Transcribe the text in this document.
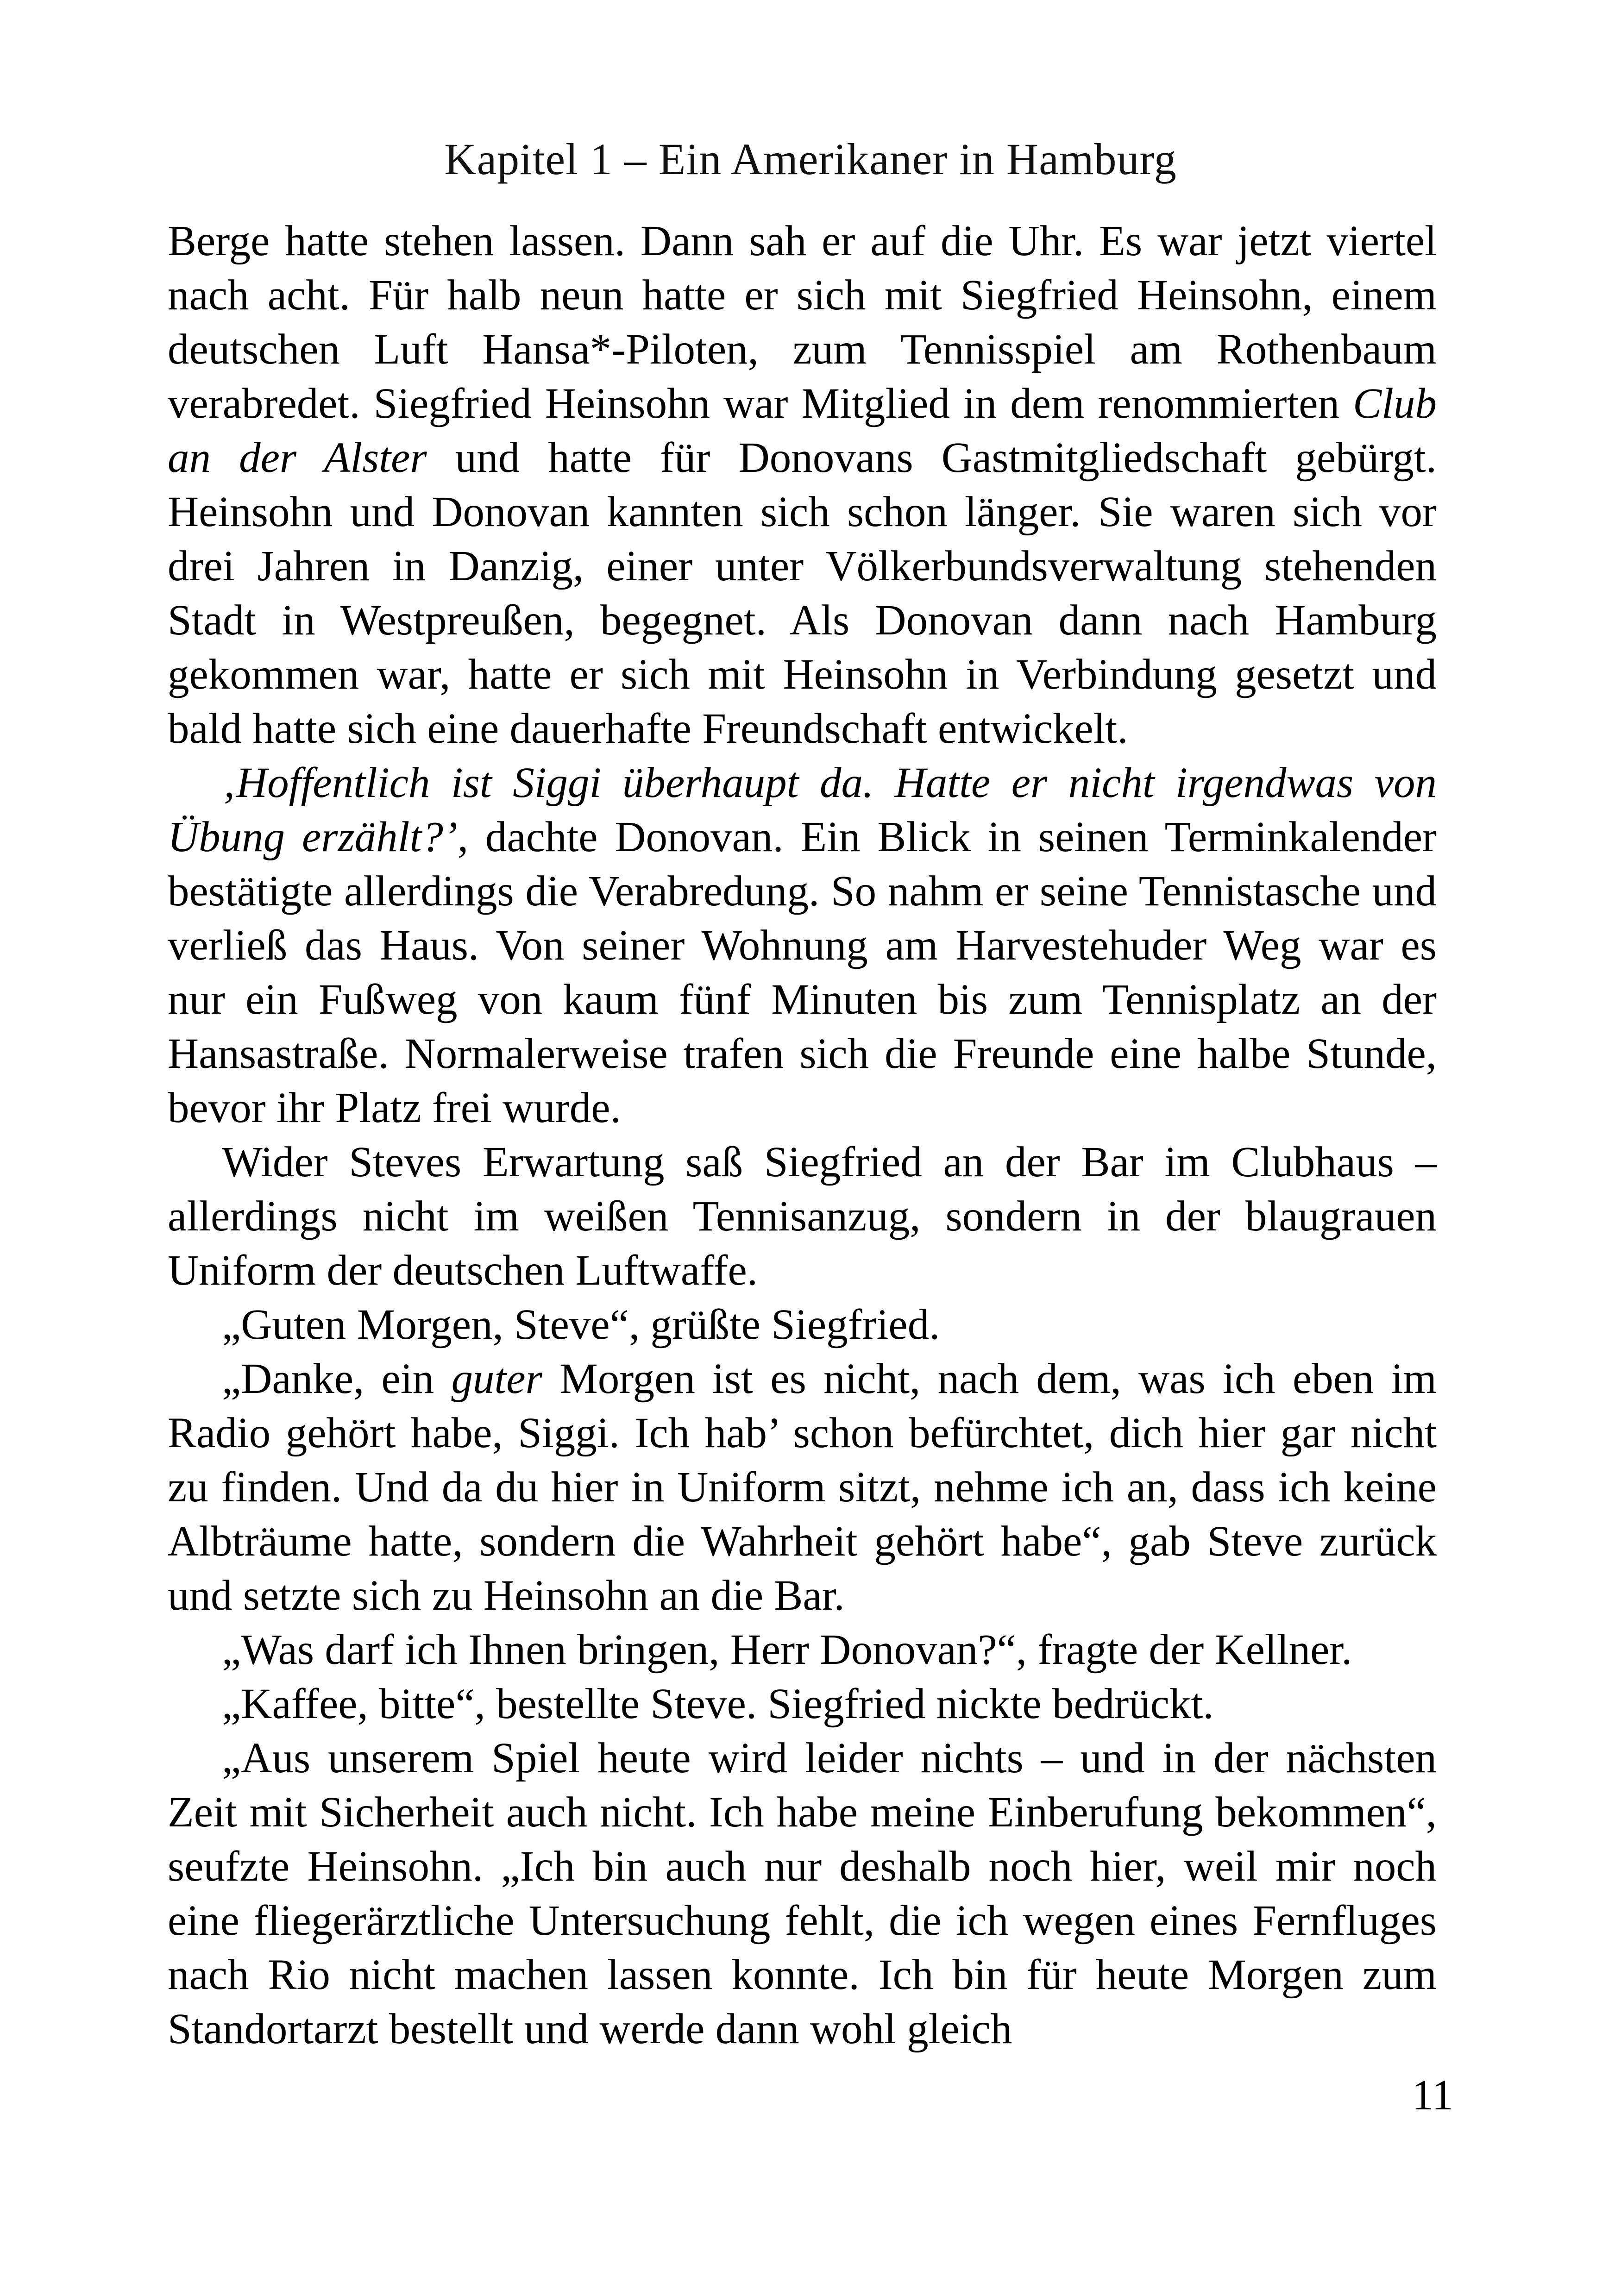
Kapitel 1 – Ein Amerikaner in Hamburg

Berge hatte stehen lassen. Dann sah er auf die Uhr. Es war jetzt viertel nach acht. Für halb neun hatte er sich mit Siegfried Heinsohn, einem deutschen Luft Hansa*-Piloten, zum Tennisspiel am Rothenbaum verabredet. Siegfried Heinsohn war Mitglied in dem renommierten Club an der Alster und hatte für Donovans Gastmitgliedschaft gebürgt. Heinsohn und Donovan kannten sich schon länger. Sie waren sich vor drei Jahren in Danzig, einer unter Völkerbundsverwaltung stehenden Stadt in Westpreußen, begegnet. Als Donovan dann nach Hamburg gekommen war, hatte er sich mit Heinsohn in Verbindung gesetzt und bald hatte sich eine dauerhafte Freundschaft entwickelt.

‚Hoffentlich ist Siggi überhaupt da. Hatte er nicht irgendwas von Übung erzählt?’, dachte Donovan. Ein Blick in seinen Terminkalender bestätigte allerdings die Verabredung. So nahm er seine Tennistasche und verließ das Haus. Von seiner Wohnung am Harvestehuder Weg war es nur ein Fußweg von kaum fünf Minuten bis zum Tennisplatz an der Hansastraße. Normalerweise trafen sich die Freunde eine halbe Stunde, bevor ihr Platz frei wurde.

Wider Steves Erwartung saß Siegfried an der Bar im Clubhaus – allerdings nicht im weißen Tennisanzug, sondern in der blaugrauen Uniform der deutschen Luftwaffe.

„Guten Morgen, Steve“, grüßte Siegfried.

„Danke, ein guter Morgen ist es nicht, nach dem, was ich eben im Radio gehört habe, Siggi. Ich hab’ schon befürchtet, dich hier gar nicht zu finden. Und da du hier in Uniform sitzt, nehme ich an, dass ich keine Albträume hatte, sondern die Wahrheit gehört habe“, gab Steve zurück und setzte sich zu Heinsohn an die Bar.

„Was darf ich Ihnen bringen, Herr Donovan?“, fragte der Kellner.

„Kaffee, bitte“, bestellte Steve. Siegfried nickte bedrückt.

„Aus unserem Spiel heute wird leider nichts – und in der nächsten Zeit mit Sicherheit auch nicht. Ich habe meine Einberufung bekommen“, seufzte Heinsohn. „Ich bin auch nur deshalb noch hier, weil mir noch eine fliegerärztliche Untersuchung fehlt, die ich wegen eines Fernfluges nach Rio nicht machen lassen konnte. Ich bin für heute Morgen zum Standortarzt bestellt und werde dann wohl gleich

11
